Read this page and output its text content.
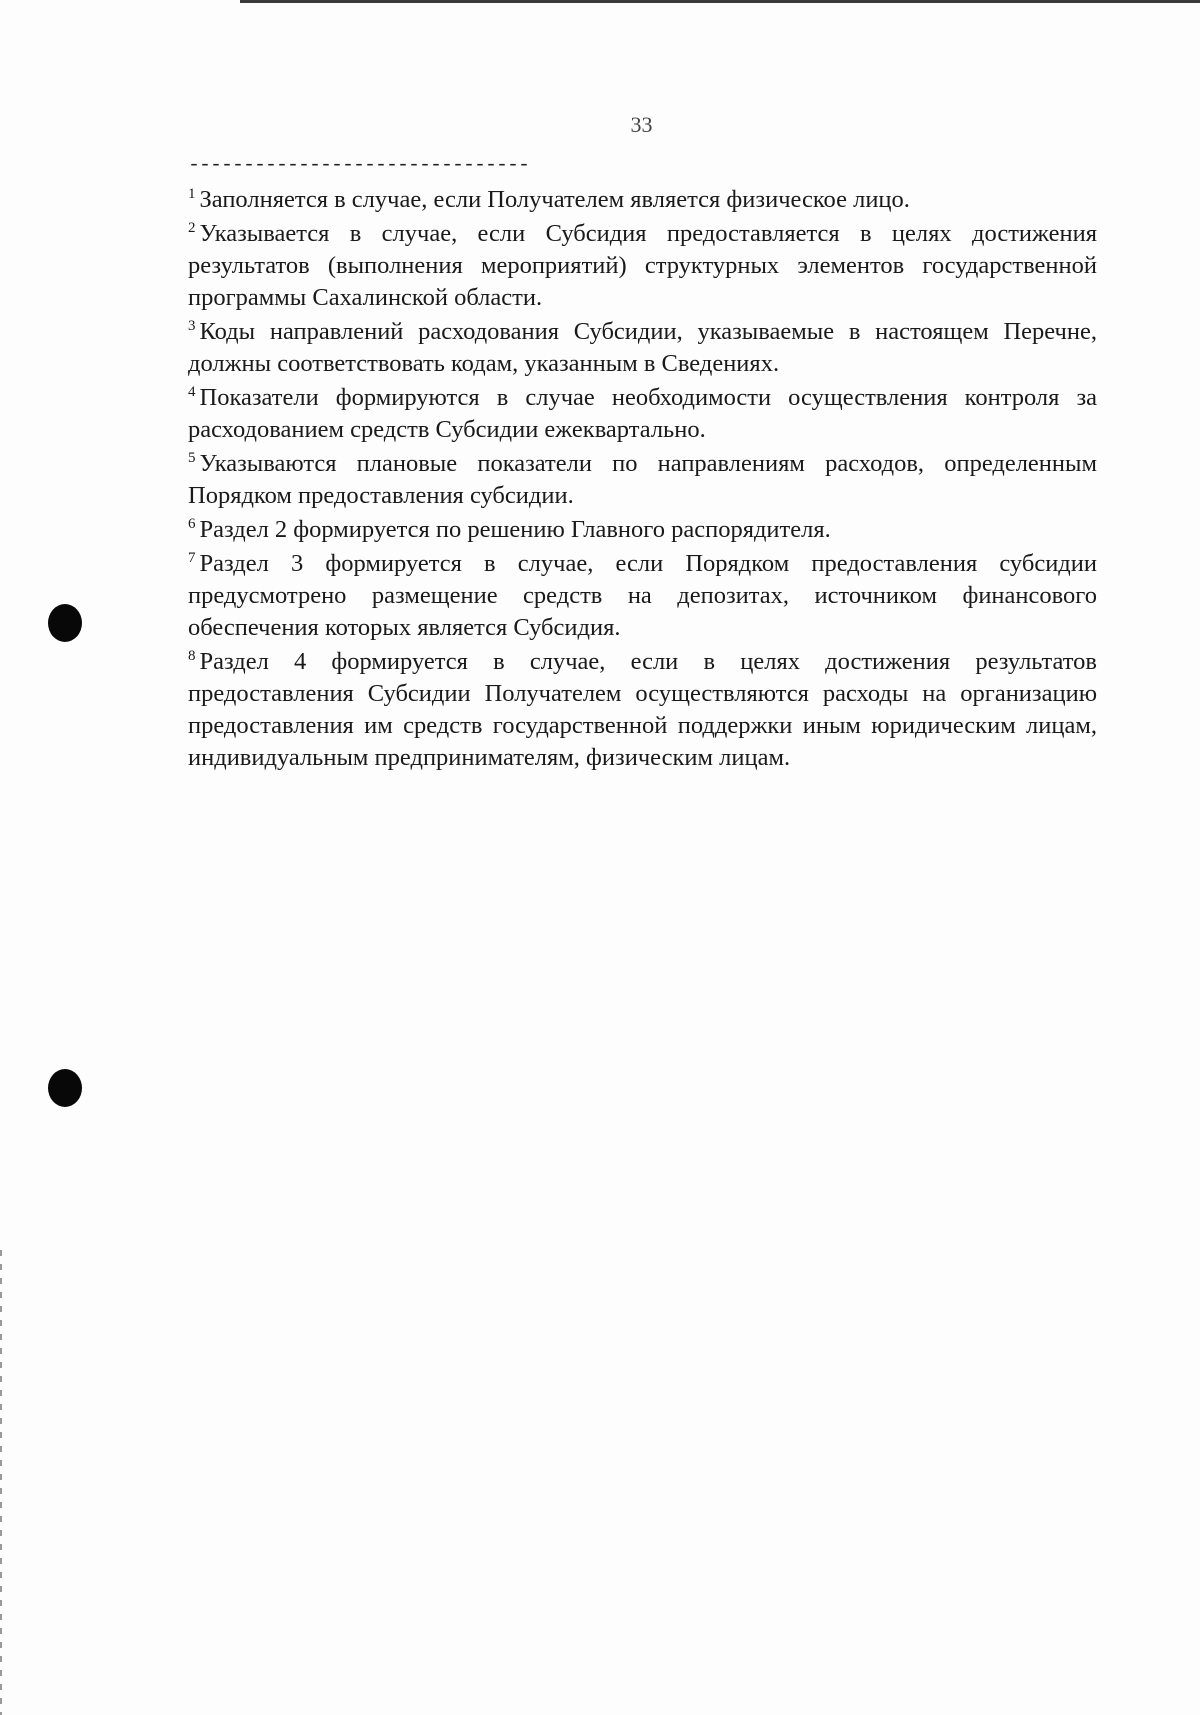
33
-------------------------------

$^1$ Заполняется в случае, если Получателем является физическое лицо.

$^2$ Указывается в случае, если Субсидия предоставляется в целях достижения результатов (выполнения мероприятий) структурных элементов государственной программы Сахалинской области.

$^3$ Коды направлений расходования Субсидии, указываемые в настоящем Перечне, должны соответствовать кодам, указанным в Сведениях.

$^4$ Показатели формируются в случае необходимости осуществления контроля за расходованием средств Субсидии ежеквартально.

$^5$ Указываются плановые показатели по направлениям расходов, определенным Порядком предоставления субсидии.

$^6$ Раздел 2 формируется по решению Главного распорядителя.

$^7$ Раздел 3 формируется в случае, если Порядком предоставления субсидии предусмотрено размещение средств на депозитах, источником финансового обеспечения которых является Субсидия.

$^8$ Раздел 4 формируется в случае, если в целях достижения результатов предоставления Субсидии Получателем осуществляются расходы на организацию предоставления им средств государственной поддержки иным юридическим лицам, индивидуальным предпринимателям, физическим лицам.
